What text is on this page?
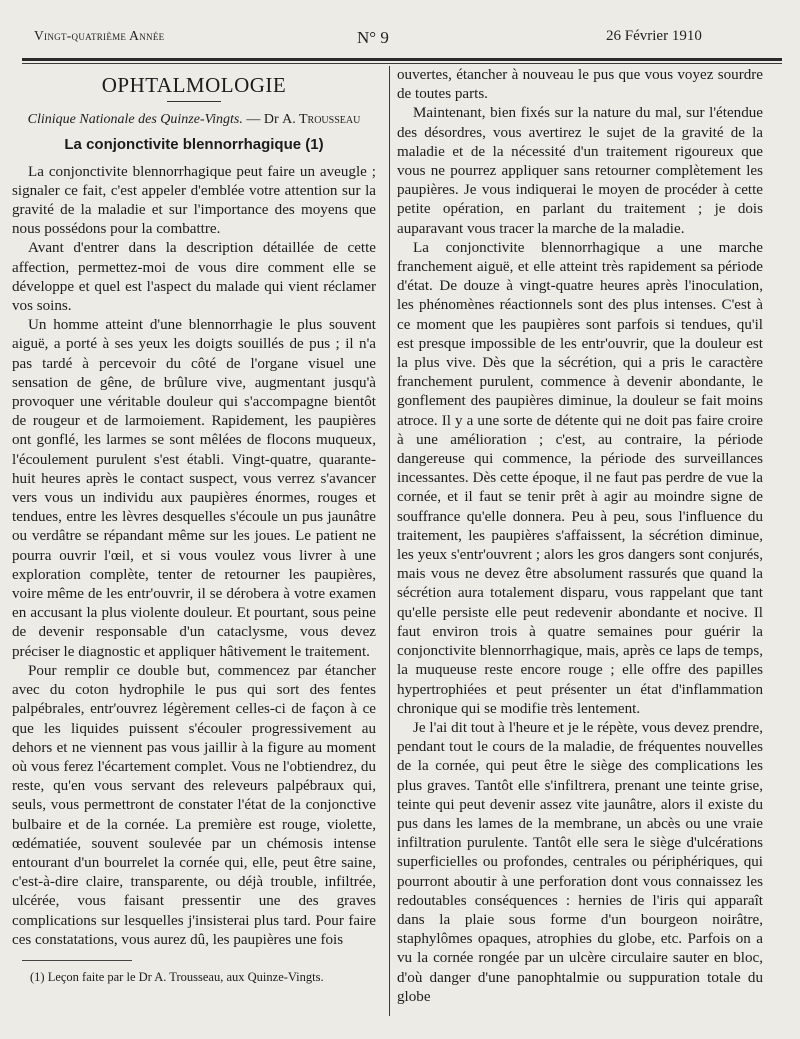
Vingt-quatrième Année	N° 9	26 Février 1910
OPHTALMOLOGIE
Clinique Nationale des Quinze-Vingts. — Dr A. Trousseau
La conjonctivite blennorrhagique (1)

La conjonctivite blennorrhagique peut faire un aveugle ; signaler ce fait, c'est appeler d'emblée votre attention sur la gravité de la maladie et sur l'importance des moyens que nous possédons pour la combattre.

Avant d'entrer dans la description détaillée de cette affection, permettez-moi de vous dire comment elle se développe et quel est l'aspect du malade qui vient réclamer vos soins.

Un homme atteint d'une blennorrhagie le plus souvent aiguë, a porté à ses yeux les doigts souillés de pus ; il n'a pas tardé à percevoir du côté de l'organe visuel une sensation de gêne, de brûlure vive, augmentant jusqu'à provoquer une véritable douleur qui s'accompagne bientôt de rougeur et de larmoiement. Rapidement, les paupières ont gonflé, les larmes se sont mêlées de flocons muqueux, l'écoulement purulent s'est établi. Vingt-quatre, quarante-huit heures après le contact suspect, vous verrez s'avancer vers vous un individu aux paupières énormes, rouges et tendues, entre les lèvres desquelles s'écoule un pus jaunâtre ou verdâtre se répandant même sur les joues. Le patient ne pourra ouvrir l'œil, et si vous voulez vous livrer à une exploration complète, tenter de retourner les paupières, voire même de les entr'ouvrir, il se dérobera à votre examen en accusant la plus violente douleur. Et pourtant, sous peine de devenir responsable d'un cataclysme, vous devez préciser le diagnostic et appliquer hâtivement le traitement.

Pour remplir ce double but, commencez par étancher avec du coton hydrophile le pus qui sort des fentes palpébrales, entr'ouvrez légèrement celles-ci de façon à ce que les liquides puissent s'écouler progressivement au dehors et ne viennent pas vous jaillir à la figure au moment où vous ferez l'écartement complet. Vous ne l'obtiendrez, du reste, qu'en vous servant des releveurs palpébraux qui, seuls, vous permettront de constater l'état de la conjonctive bulbaire et de la cornée. La première est rouge, violette, œdématiée, souvent soulevée par un chémosis intense entourant d'un bourrelet la cornée qui, elle, peut être saine, c'est-à-dire claire, transparente, ou déjà trouble, infiltrée, ulcérée, vous faisant pressentir une des graves complications sur lesquelles j'insisterai plus tard. Pour faire ces constatations, vous aurez dû, les paupières une fois

ouvertes, étancher à nouveau le pus que vous voyez sourdre de toutes parts.

Maintenant, bien fixés sur la nature du mal, sur l'étendue des désordres, vous avertirez le sujet de la gravité de la maladie et de la nécessité d'un traitement rigoureux que vous ne pourrez appliquer sans retourner complètement les paupières. Je vous indiquerai le moyen de procéder à cette petite opération, en parlant du traitement ; je dois auparavant vous tracer la marche de la maladie.

La conjonctivite blennorrhagique a une marche franchement aiguë, et elle atteint très rapidement sa période d'état. De douze à vingt-quatre heures après l'inoculation, les phénomènes réactionnels sont des plus intenses. C'est à ce moment que les paupières sont parfois si tendues, qu'il est presque impossible de les entr'ouvrir, que la douleur est la plus vive. Dès que la sécrétion, qui a pris le caractère franchement purulent, commence à devenir abondante, le gonflement des paupières diminue, la douleur se fait moins atroce. Il y a une sorte de détente qui ne doit pas faire croire à une amélioration ; c'est, au contraire, la période dangereuse qui commence, la période des surveillances incessantes. Dès cette époque, il ne faut pas perdre de vue la cornée, et il faut se tenir prêt à agir au moindre signe de souffrance qu'elle donnera. Peu à peu, sous l'influence du traitement, les paupières s'affaissent, la sécrétion diminue, les yeux s'entr'ouvrent ; alors les gros dangers sont conjurés, mais vous ne devez être absolument rassurés que quand la sécrétion aura totalement disparu, vous rappelant que tant qu'elle persiste elle peut redevenir abondante et nocive. Il faut environ trois à quatre semaines pour guérir la conjonctivite blennorrhagique, mais, après ce laps de temps, la muqueuse reste encore rouge ; elle offre des papilles hypertrophiées et peut présenter un état d'inflammation chronique qui se modifie très lentement.

Je l'ai dit tout à l'heure et je le répète, vous devez prendre, pendant tout le cours de la maladie, de fréquentes nouvelles de la cornée, qui peut être le siège des complications les plus graves. Tantôt elle s'infiltrera, prenant une teinte grise, teinte qui peut devenir assez vite jaunâtre, alors il existe du pus dans les lames de la membrane, un abcès ou une vraie infiltration purulente. Tantôt elle sera le siège d'ulcérations superficielles ou profondes, centrales ou périphériques, qui pourront aboutir à une perforation dont vous connaissez les redoutables conséquences : hernies de l'iris qui apparaît dans la plaie sous forme d'un bourgeon noirâtre, staphylômes opaques, atrophies du globe, etc. Parfois on a vu la cornée rongée par un ulcère circulaire sauter en bloc, d'où danger d'une panophtalmie ou suppuration totale du globe

(1) Leçon faite par le Dr A. Trousseau, aux Quinze-Vingts.
